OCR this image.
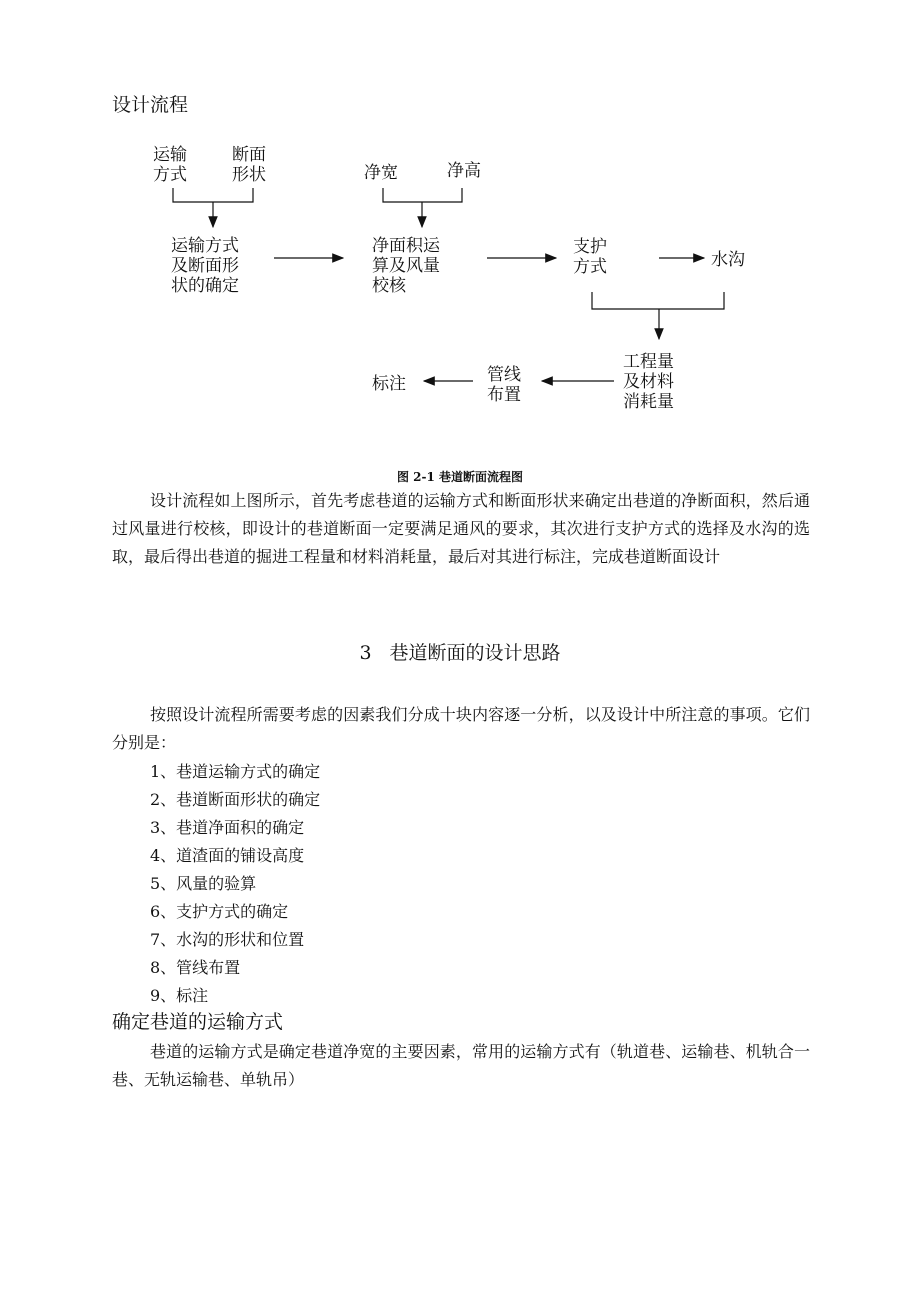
设计流程
运输
方式
断面
形状	净宽	净高
运输方式
及断面形
状的确定
净面积运
算及风量
校核
支护
方式	水沟
工程量
及材料
消耗量
管线
布置
标注
图 2-1 巷道断面流程图

设计流程如上图所示，首先考虑巷道的运输方式和断面形状来确定出巷道的净断面积，然后通过风量进行校核，即设计的巷道断面一定要满足通风的要求，其次进行支护方式的选择及水沟的选取，最后得出巷道的掘进工程量和材料消耗量，最后对其进行标注，完成巷道断面设计

3 巷道断面的设计思路

按照设计流程所需要考虑的因素我们分成十块内容逐一分析，以及设计中所注意的事项。它们分别是：

1、巷道运输方式的确定
2、巷道断面形状的确定
3、巷道净面积的确定
4、道渣面的铺设高度
5、风量的验算
6、支护方式的确定
7、水沟的形状和位置
8、管线布置
9、标注
确定巷道的运输方式

巷道的运输方式是确定巷道净宽的主要因素，常用的运输方式有（轨道巷、运输巷、机轨合一巷、无轨运输巷、单轨吊）
